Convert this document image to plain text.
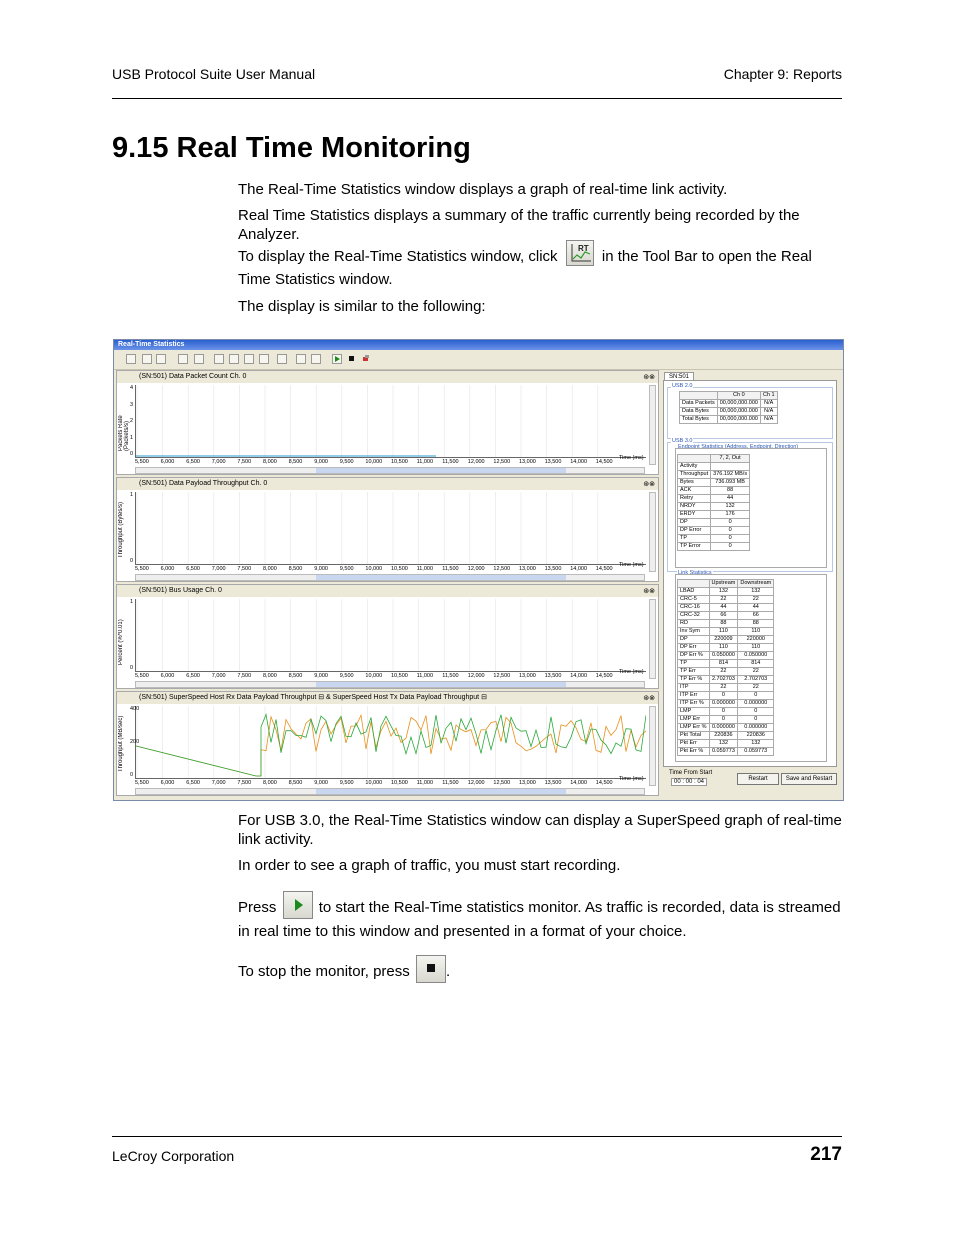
USB Protocol Suite User Manual	Chapter 9: Reports
9.15 Real Time Monitoring
The Real-Time Statistics window displays a graph of real-time link activity.
Real Time Statistics displays a summary of the traffic currently being recorded by the Analyzer.
To display the Real-Time Statistics window, click	RT in the Tool Bar to open the Real Time Statistics window.
The display is similar to the following:
Real-Time Statistics
(SN:501) Data Packet Count Ch. 0	⊛⊗
Packets Rate (Packets/s)
4
3
2
1
0
5,500 6,000 6,500 7,000 7,500 8,000 8,500 9,000 9,500 10,000 10,500 11,000 11,500 12,000 12,500 13,000 13,500 14,000 14,500
Time (ms)
(SN:501) Data Payload Throughput Ch. 0	⊛⊗
Throughput (Bytes/s)
1
0
5,500 6,000 6,500 7,000 7,500 8,000 8,500 9,000 9,500 10,000 10,500 11,000 11,500 12,000 12,500 13,000 13,500 14,000 14,500
Time (ms)
(SN:501) Bus Usage Ch. 0	⊛⊗
Percent (%*0.01)
1
0
5,500 6,000 6,500 7,000 7,500 8,000 8,500 9,000 9,500 10,000 10,500 11,000 11,500 12,000 12,500 13,000 13,500 14,000 14,500
Time (ms)
(SN:501) SuperSpeed Host Rx Data Payload Throughput ⊟ & SuperSpeed Host Tx Data Payload Throughput ⊟	⊛⊗
Throughput (MB/sec)
400
200
0
5,500 6,000 6,500 7,000 7,500 8,000 8,500 9,000 9,500 10,000 10,500 11,000 11,500 12,000 12,500 13,000 13,500 14,000 14,500
Time (ms)
SN:501
USB 2.0
	Ch 0	Ch 1
Data Packets	00,000,000.000	N/A
Data Bytes	00,000,000.000	N/A
Total Bytes	00,000,000.000	N/A
USB 3.0
Endpoint Statistics (Address, Endpoint, Direction)
	7, 2, Out
Activity	
Throughput	376.192 MB/s
Bytes	736.093 MB
ACK	88
Retry	44
NRDY	132
ERDY	176
DP	0
DP Error	0
TP	0
TP Error	0
Link Statistics
	Upstream	Downstream
LBAD	132	132
CRC-5	22	22
CRC-16	44	44
CRC-32	66	66
RD	88	88
Inv Sym	110	110
DP	220009	220000
DP Err	110	110
DP Err %	0.050000	0.050000
TP	814	814
TP Err	22	22
TP Err %	2.702703	2.702703
ITP	22	22
ITP Err	0	0
ITP Err %	0.000000	0.000000
LMP	0	0
LMP Err	0	0
LMP Err %	0.000000	0.000000
Pkt Total	220836	220836
Pkt Err	132	132
Pkt Err %	0.059773	0.059773
Time From Start
00 : 00 : 04	Restart	Save and Restart
For USB 3.0, the Real-Time Statistics window can display a SuperSpeed graph of real-time link activity.
In order to see a graph of traffic, you must start recording.
Press	to start the Real-Time statistics monitor. As traffic is recorded, data is streamed in real time to this window and presented in a format of your choice.
To stop the monitor, press .
LeCroy Corporation	217
